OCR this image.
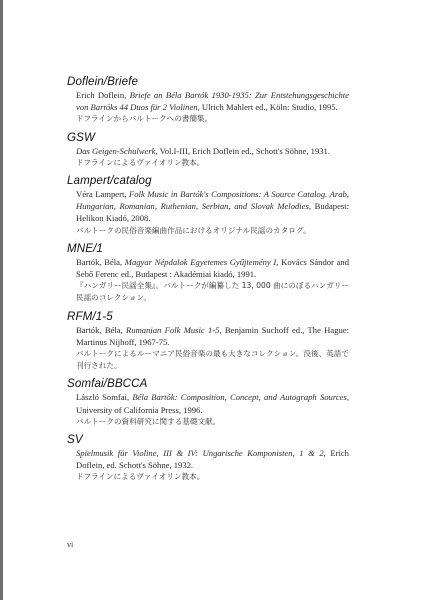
Doflein/Briefe
Erich Doflein, Briefe an Béla Bartók 1930-1935: Zur Entstehungsgeschichte von Bartóks 44 Duos für 2 Violinen, Ulrich Mahlert ed., Köln: Studio, 1995.
ドフラインからバルトークへの書簡集。
GSW
Das Geigen-Schulwerk, Vol.I-III, Erich Doflein ed., Schott's Söhne, 1931.
ドフラインによるヴァイオリン教本。
Lampert/catalog
Véra Lampert, Folk Music in Bartók's Compositions: A Source Catalog. Arab, Hungarian, Romanian, Ruthenian, Serbian, and Slovak Melodies, Budapest: Helikon Kiadó, 2008.
バルトークの民俗音楽編曲作品におけるオリジナル民謡のカタログ。
MNE/1
Bartók, Béla, Magyar Népdalok Egyetemes Gyűjtemény I, Kovács Sándor and Sebő Ferenc ed., Budapest : Akadémiai kiadó, 1991.
『ハンガリー民謡全集』。バルトークが編纂した 13, 000 曲にのぼるハンガリー民謡のコレクション。
RFM/1-5
Bartók, Béla, Rumanian Folk Music 1-5, Benjamin Suchoff ed., The Hague: Martinus Nijhoff, 1967-75.
バルトークによるルーマニア民俗音楽の最も大きなコレクション。没後、英語で刊行された。
Somfai/BBCCA
László Somfai, Béla Bartók: Composition, Concept, and Autograph Sources, University of California Press, 1996.
バルトークの資料研究に関する基礎文献。
SV
Spielmusik für Violine, III & IV: Ungarische Komponisten, 1 & 2, Erich Doflein, ed. Schott's Söhne, 1932.
ドフラインによるヴァイオリン教本。
vi
